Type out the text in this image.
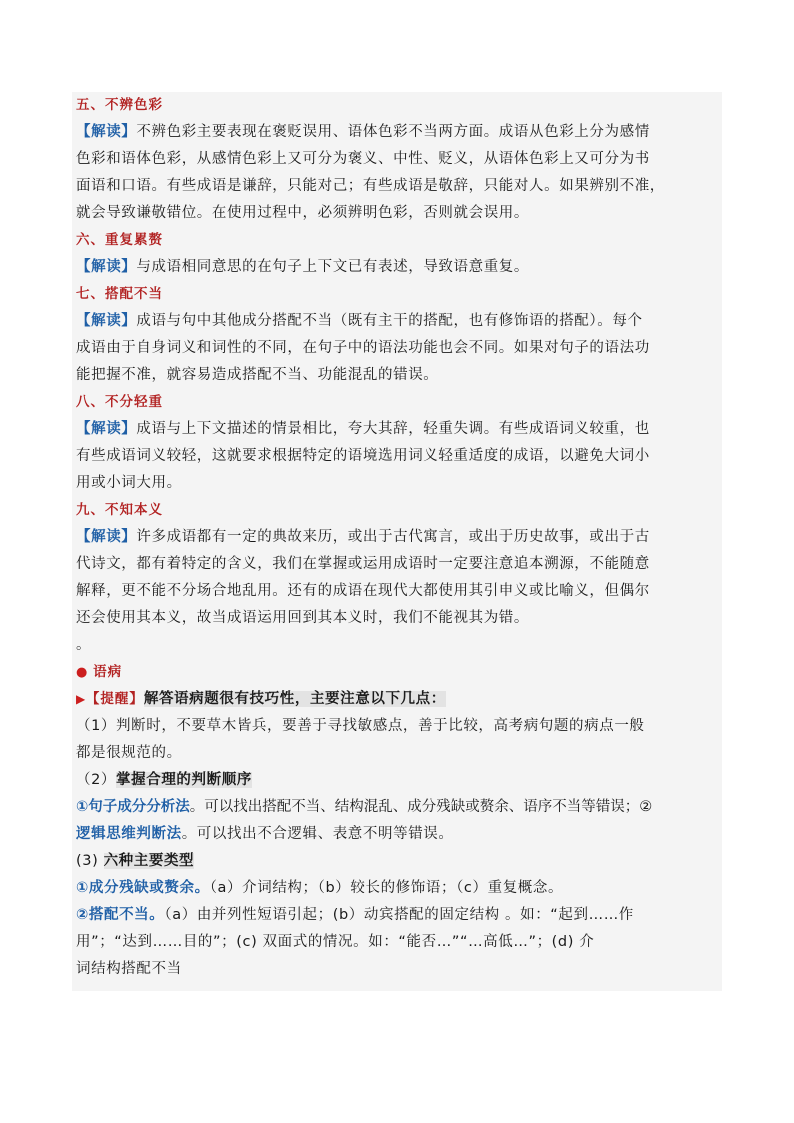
五、不辨色彩
【解读】不辨色彩主要表现在褒贬误用、语体色彩不当两方面。成语从色彩上分为感情
色彩和语体色彩，从感情色彩上又可分为褒义、中性、贬义，从语体色彩上又可分为书
面语和口语。有些成语是谦辞，只能对己；有些成语是敬辞，只能对人。如果辨别不准，
就会导致谦敬错位。在使用过程中，必须辨明色彩，否则就会误用。
六、重复累赘
【解读】与成语相同意思的在句子上下文已有表述，导致语意重复。
七、搭配不当
【解读】成语与句中其他成分搭配不当（既有主干的搭配，也有修饰语的搭配）。每个
成语由于自身词义和词性的不同，在句子中的语法功能也会不同。如果对句子的语法功
能把握不准，就容易造成搭配不当、功能混乱的错误。
八、不分轻重
【解读】成语与上下文描述的情景相比，夸大其辞，轻重失调。有些成语词义较重，也
有些成语词义较轻，这就要求根据特定的语境选用词义轻重适度的成语，以避免大词小
用或小词大用。
九、不知本义
【解读】许多成语都有一定的典故来历，或出于古代寓言，或出于历史故事，或出于古
代诗文，都有着特定的含义，我们在掌握或运用成语时一定要注意追本溯源，不能随意
解释，更不能不分场合地乱用。还有的成语在现代大都使用其引申义或比喻义，但偶尔
还会使用其本义，故当成语运用回到其本义时，我们不能视其为错。
。
● 语病
▶【提醒】解答语病题很有技巧性，主要注意以下几点：
（1）判断时，不要草木皆兵，要善于寻找敏感点，善于比较，高考病句题的病点一般
都是很规范的。
（2）掌握合理的判断顺序
①句子成分分析法。可以找出搭配不当、结构混乱、成分残缺或赘余、语序不当等错误；②
逻辑思维判断法。可以找出不合逻辑、表意不明等错误。
(3) 六种主要类型
①成分残缺或赘余。（a）介词结构；（b）较长的修饰语；（c）重复概念。
②搭配不当。（a）由并列性短语引起；(b）动宾搭配的固定结构 。如：“起到……作
用”；“达到……目的”；(c) 双面式的情况。如：“能否…”“…高低…”；(d) 介
词结构搭配不当
